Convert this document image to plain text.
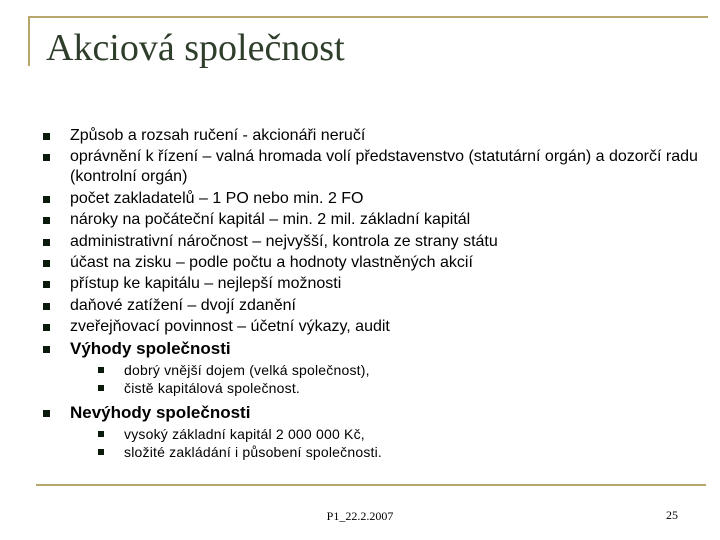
Akciová společnost
Způsob a rozsah ručení - akcionáři neručí
oprávnění k řízení – valná hromada volí představenstvo (statutární orgán) a dozorčí radu (kontrolní orgán)
počet zakladatelů – 1 PO nebo min. 2 FO
nároky na počáteční kapitál – min. 2 mil. základní kapitál
administrativní náročnost – nejvyšší, kontrola ze strany státu
účast na zisku – podle počtu a hodnoty vlastněných akcií
přístup ke kapitálu – nejlepší možnosti
daňové zatížení – dvojí zdanění
zveřejňovací povinnost – účetní výkazy, audit
Výhody společnosti
dobrý vnější dojem (velká společnost),
čistě kapitálová společnost.
Nevýhody společnosti
vysoký základní kapitál 2 000 000 Kč,
složité zakládání i působení společnosti.
P1_22.2.2007	25
